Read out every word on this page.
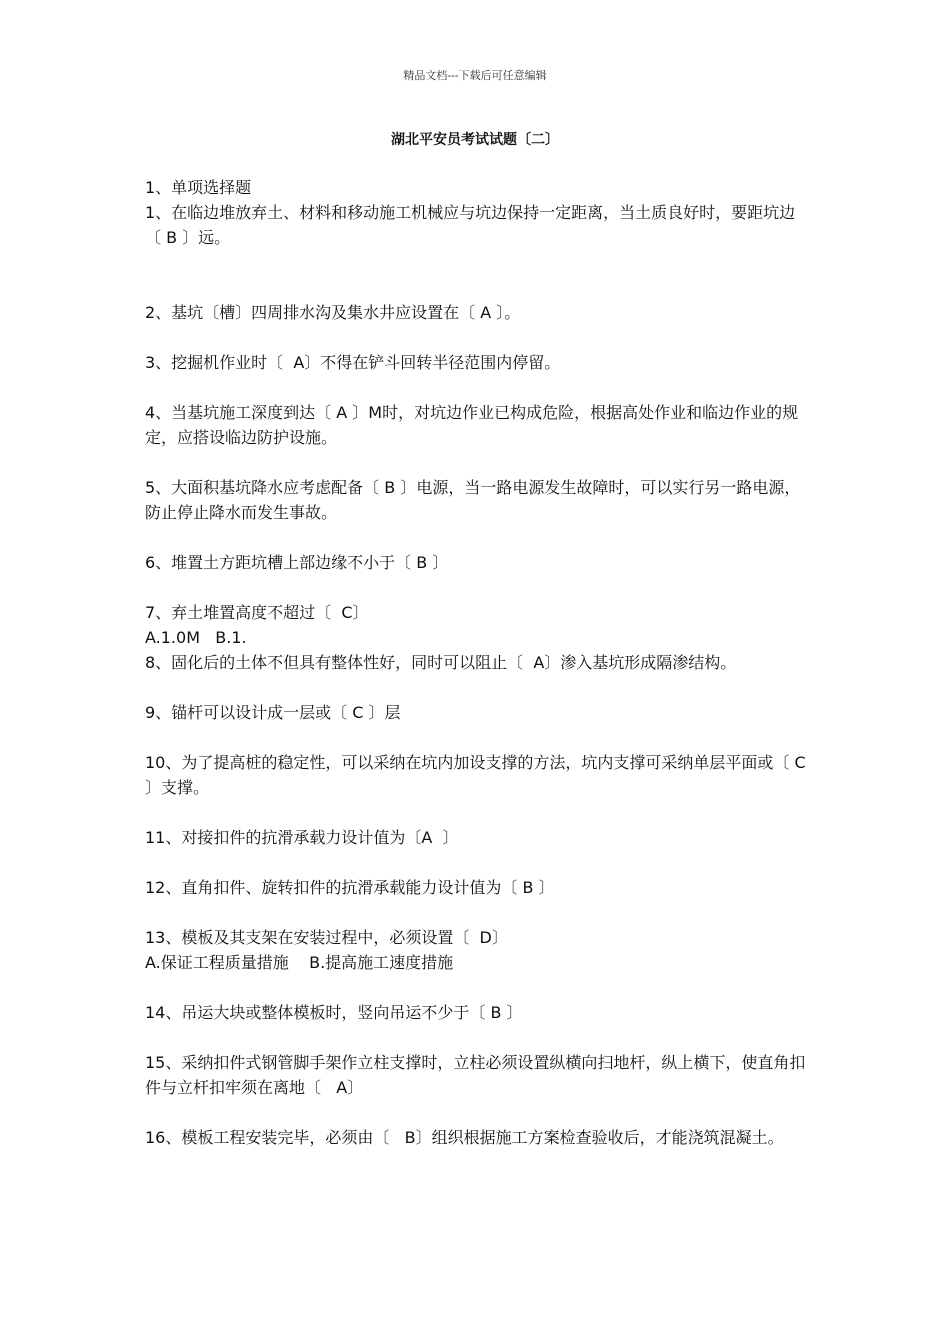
精品文档---下载后可任意编辑
湖北平安员考试试题〔二〕

1、单项选择题

1、在临边堆放弃土、材料和移动施工机械应与坑边保持一定距离，当土质良好时，要距坑边〔 B 〕远。

2、基坑〔槽〕四周排水沟及集水井应设置在〔 A 〕。

3、挖掘机作业时〔  A〕不得在铲斗回转半径范围内停留。

4、当基坑施工深度到达〔 A 〕M时，对坑边作业已构成危险，根据高处作业和临边作业的规定，应搭设临边防护设施。

5、大面积基坑降水应考虑配备〔 B 〕电源，当一路电源发生故障时，可以实行另一路电源，防止停止降水而发生事故。

6、堆置土方距坑槽上部边缘不小于〔 B 〕

7、弃土堆置高度不超过〔  C〕

A.1.0M   B.1.

8、固化后的土体不但具有整体性好，同时可以阻止〔  A〕渗入基坑形成隔渗结构。

9、锚杆可以设计成一层或〔 C 〕层

10、为了提高桩的稳定性，可以采纳在坑内加设支撑的方法，坑内支撑可采纳单层平面或〔 C 〕支撑。

11、对接扣件的抗滑承载力设计值为〔A  〕

12、直角扣件、旋转扣件的抗滑承载能力设计值为〔 B 〕

13、模板及其支架在安装过程中，必须设置〔  D〕

A.保证工程质量措施    B.提高施工速度措施

14、吊运大块或整体模板时，竖向吊运不少于〔 B 〕

15、采纳扣件式钢管脚手架作立柱支撑时，立柱必须设置纵横向扫地杆，纵上横下，使直角扣件与立杆扣牢须在离地〔   A〕

16、模板工程安装完毕，必须由〔   B〕组织根据施工方案检查验收后，才能浇筑混凝土。
